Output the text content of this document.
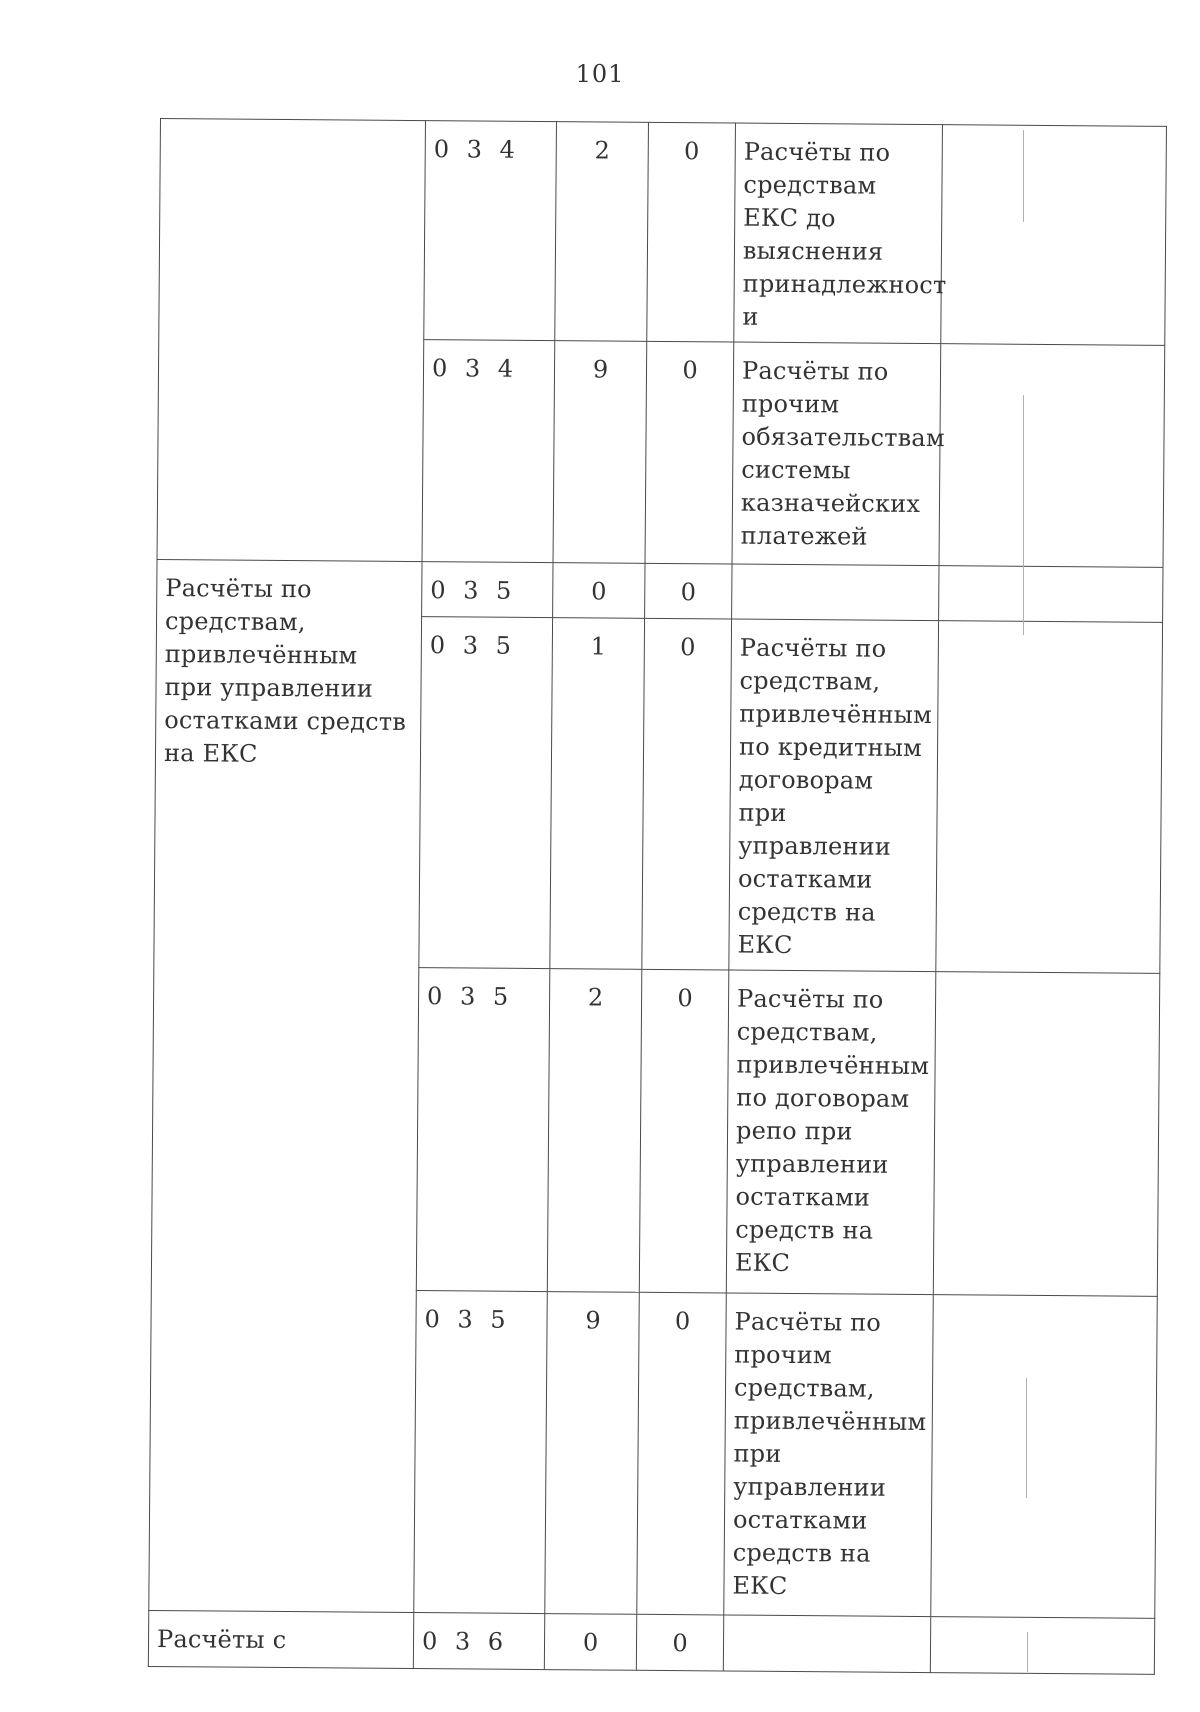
101
	0 3 4	2	0	Расчёты по средствам ЕКС до выяснения принадлежност и	
	0 3 4	9	0	Расчёты по прочим обязательствам системы казначейских платежей	
Расчёты по средствам, привлечённым при управлении остатками средств на ЕКС	0 3 5	0	0		
	0 3 5	1	0	Расчёты по средствам, привлечённым по кредитным договорам при управлении остатками средств на ЕКС	
	0 3 5	2	0	Расчёты по средствам, привлечённым по договорам репо при управлении остатками средств на ЕКС	
	0 3 5	9	0	Расчёты по прочим средствам, привлечённым при управлении остатками средств на ЕКС	
Расчёты с	0 3 6	0	0		
